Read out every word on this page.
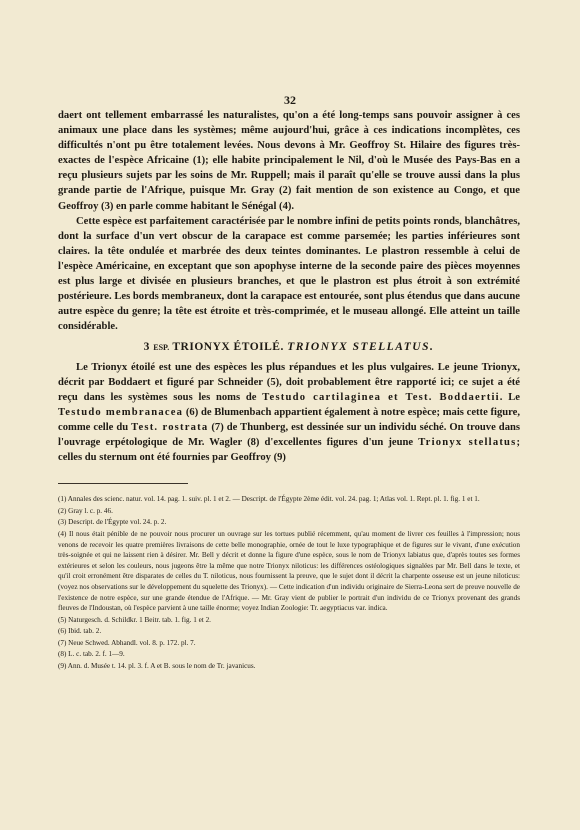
32

daert ont tellement embarrassé les naturalistes, qu'on a été long-temps sans pouvoir assigner à ces animaux une place dans les systèmes; même aujourd'hui, grâce à ces indications incomplètes, ces difficultés n'ont pu être totalement levées. Nous devons à Mr. Geoffroy St. Hilaire des figures très-exactes de l'espèce Africaine (1); elle habite principalement le Nil, d'où le Musée des Pays-Bas en a reçu plusieurs sujets par les soins de Mr. Ruppell; mais il paraît qu'elle se trouve aussi dans la plus grande partie de l'Afrique, puisque Mr. Gray (2) fait mention de son existence au Congo, et que Geoffroy (3) en parle comme habitant le Sénégal (4).

Cette espèce est parfaitement caractérisée par le nombre infini de petits points ronds, blanchâtres, dont la surface d'un vert obscur de la carapace est comme parsemée; les parties inférieures sont claires. la tête ondulée et marbrée des deux teintes dominantes. Le plastron ressemble à celui de l'espèce Américaine, en exceptant que son apophyse interne de la seconde paire des pièces moyennes est plus large et divisée en plusieurs branches, et que le plastron est plus étroit à son extrémité postérieure. Les bords membraneux, dont la carapace est entourée, sont plus étendus que dans aucune autre espèce du genre; la tête est étroite et très-comprimée, et le museau allongé. Elle atteint un taille considérable.

3 ESP. TRIONYX ÉTOILÉ. TRIONYX STELLATUS.

Le Trionyx étoilé est une des espèces les plus répandues et les plus vulgaires. Le jeune Trionyx, décrit par Boddaert et figuré par Schneider (5), doit probablement être rapporté ici; ce sujet a été reçu dans les systèmes sous les noms de Testudo cartilaginea et Test. Boddaertii. Le Testudo membranacea (6) de Blumenbach appartient également à notre espèce; mais cette figure, comme celle du Test. rostrata (7) de Thunberg, est dessinée sur un individu séché. On trouve dans l'ouvrage erpétologique de Mr. Wagler (8) d'excellentes figures d'un jeune Trionyx stellatus; celles du sternum ont été fournies par Geoffroy (9)

(1) Annales des scienc. natur. vol. 14. pag. 1. suiv. pl. 1 et 2. — Descript. de l'Égypte 2ème édit. vol. 24. pag. 1; Atlas vol. 1. Rept. pl. 1. fig. 1 et 1.

(2) Gray l. c. p. 46.

(3) Descript. de l'Égypte vol. 24. p. 2.

(4) Il nous était pénible de ne pouvoir nous procurer un ouvrage sur les tortues publié récemment, qu'au moment de livrer ces feuilles à l'impression; nous venons de recevoir les quatre premières livraisons de cette belle monographie, ornée de tout le luxe typographique et de figures sur le vivant, d'une exécution très-soignée et qui ne laissent rien à désirer. Mr. Bell y décrit et donne la figure d'une espèce, sous le nom de Trionyx labiatus que, d'après toutes ses formes extérieures et selon les couleurs, nous jugeons être la même que notre Trionyx niloticus: les différences ostéologiques signalées par Mr. Bell dans le texte, et qu'il croit erronément être disparates de celles du T. niloticus, nous fournissent la preuve, que le sujet dont il décrit la charpente osseuse est un jeune niloticus: (voyez nos observations sur le développement du squelette des Trionyx). — Cette indication d'un individu originaire de Sierra-Leona sert de preuve nouvelle de l'existence de notre espèce, sur une grande étendue de l'Afrique. — Mr. Gray vient de publier le portrait d'un individu de ce Trionyx provenant des grands fleuves de l'Indoustan, où l'espèce parvient à une taille énorme; voyez Indian Zoologie: Tr. aegyptiacus var. indica.

(5) Naturgesch. d. Schildkr. 1 Beitr. tab. 1. fig. 1 et 2.

(6) Ibid. tab. 2.

(7) Neue Schwed. Abhandl. vol. 8. p. 172. pl. 7.

(8) L. c. tab. 2. f. 1—9.

(9) Ann. d. Musée t. 14. pl. 3. f. A et B. sous le nom de Tr. javanicus.
